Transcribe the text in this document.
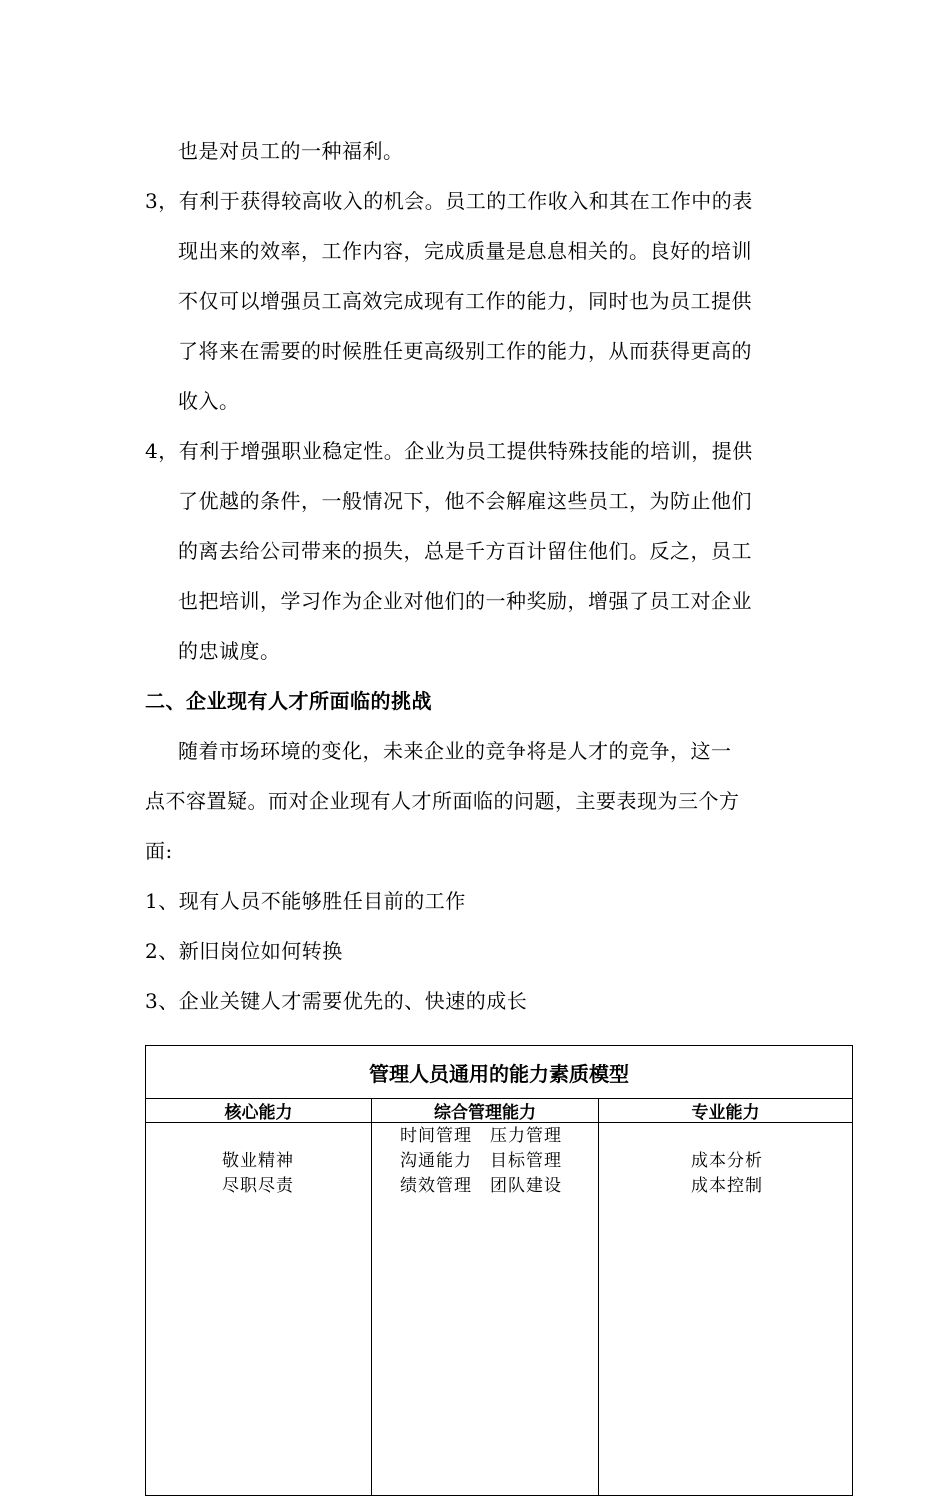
也是对员工的一种福利。
3，有利于获得较高收入的机会。员工的工作收入和其在工作中的表
现出来的效率，工作内容，完成质量是息息相关的。良好的培训
不仅可以增强员工高效完成现有工作的能力，同时也为员工提供
了将来在需要的时候胜任更高级别工作的能力，从而获得更高的
收入。
4，有利于增强职业稳定性。企业为员工提供特殊技能的培训，提供
了优越的条件，一般情况下，他不会解雇这些员工，为防止他们
的离去给公司带来的损失，总是千方百计留住他们。反之，员工
也把培训，学习作为企业对他们的一种奖励，增强了员工对企业
的忠诚度。
二、企业现有人才所面临的挑战
随着市场环境的变化，未来企业的竞争将是人才的竞争，这一
点不容置疑。而对企业现有人才所面临的问题，主要表现为三个方
面:
1、现有人员不能够胜任目前的工作
2、新旧岗位如何转换
3、企业关键人才需要优先的、快速的成长
管理人员通用的能力素质模型
核心能力	综合管理能力	专业能力
敬业精神
尽职尽责
时间管理　压力管理
沟通能力　目标管理
绩效管理　团队建设
成本分析
成本控制
